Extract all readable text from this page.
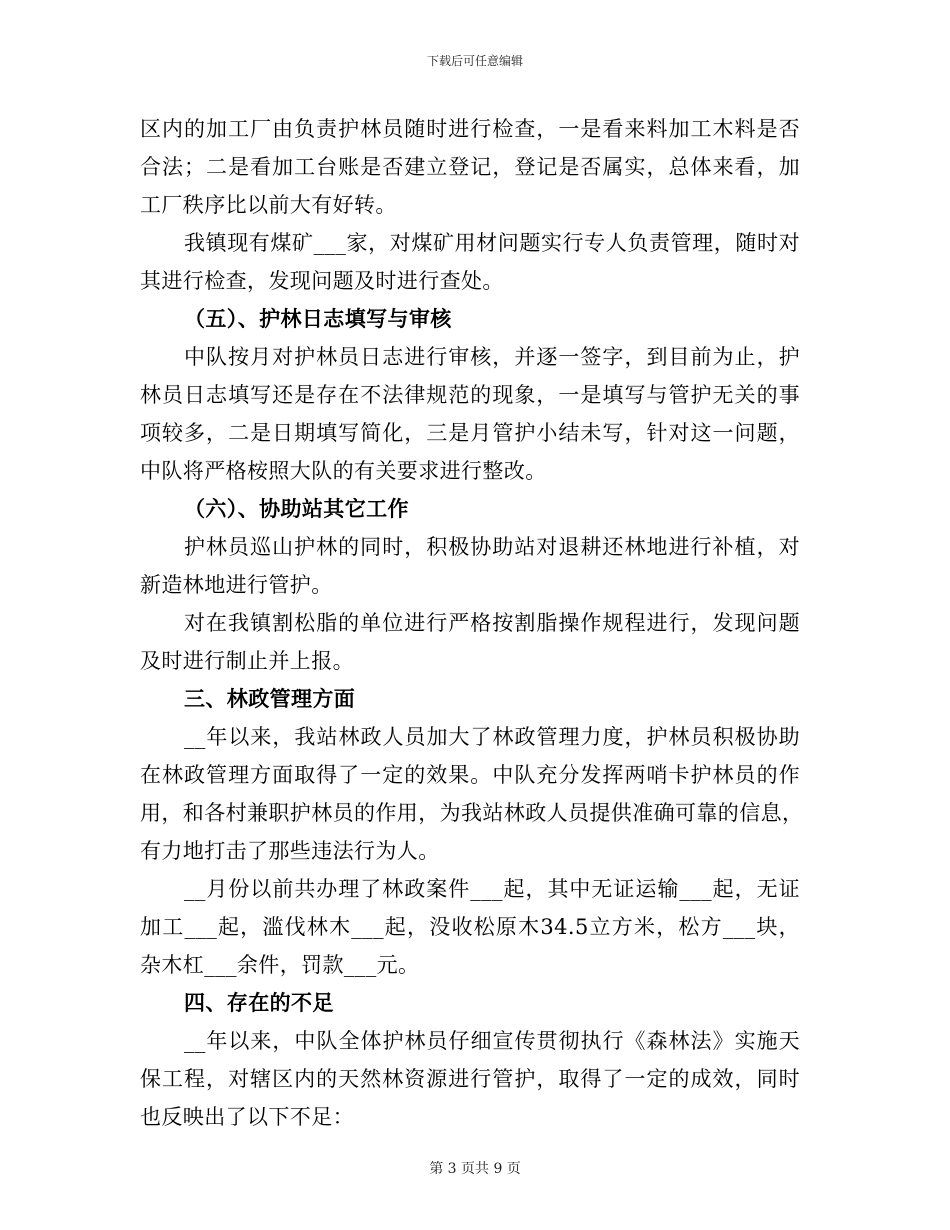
下载后可任意编辑
区内的加工厂由负责护林员随时进行检查，一是看来料加工木料是否
合法；二是看加工台账是否建立登记，登记是否属实，总体来看，加
工厂秩序比以前大有好转。
我镇现有煤矿___家，对煤矿用材问题实行专人负责管理，随时对
其进行检查，发现问题及时进行查处。
（五）、护林日志填写与审核
中队按月对护林员日志进行审核，并逐一签字，到目前为止，护
林员日志填写还是存在不法律规范的现象，一是填写与管护无关的事
项较多，二是日期填写简化，三是月管护小结未写，针对这一问题，
中队将严格桉照大队的有关要求进行整改。
（六）、协助站其它工作
护林员巡山护林的同时，积极协助站对退耕还林地进行补植，对
新造林地进行管护。
对在我镇割松脂的单位进行严格按割脂操作规程进行，发现问题
及时进行制止并上报。
三、林政管理方面
__年以来，我站林政人员加大了林政管理力度，护林员积极协助
在林政管理方面取得了一定的效果。中队充分发挥两哨卡护林员的作
用，和各村兼职护林员的作用，为我站林政人员提供准确可靠的信息，
有力地打击了那些违法行为人。
__月份以前共办理了林政案件___起，其中无证运输___起，无证
加工___起，滥伐林木___起，没收松原木34.5立方米，松方___块，
杂木杠___余件，罚款___元。
四、存在的不足
__年以来，中队全体护林员仔细宣传贯彻执行《森林法》实施天
保工程，对辖区内的天然林资源进行管护，取得了一定的成效，同时
也反映出了以下不足：
第 3 页共 9 页
